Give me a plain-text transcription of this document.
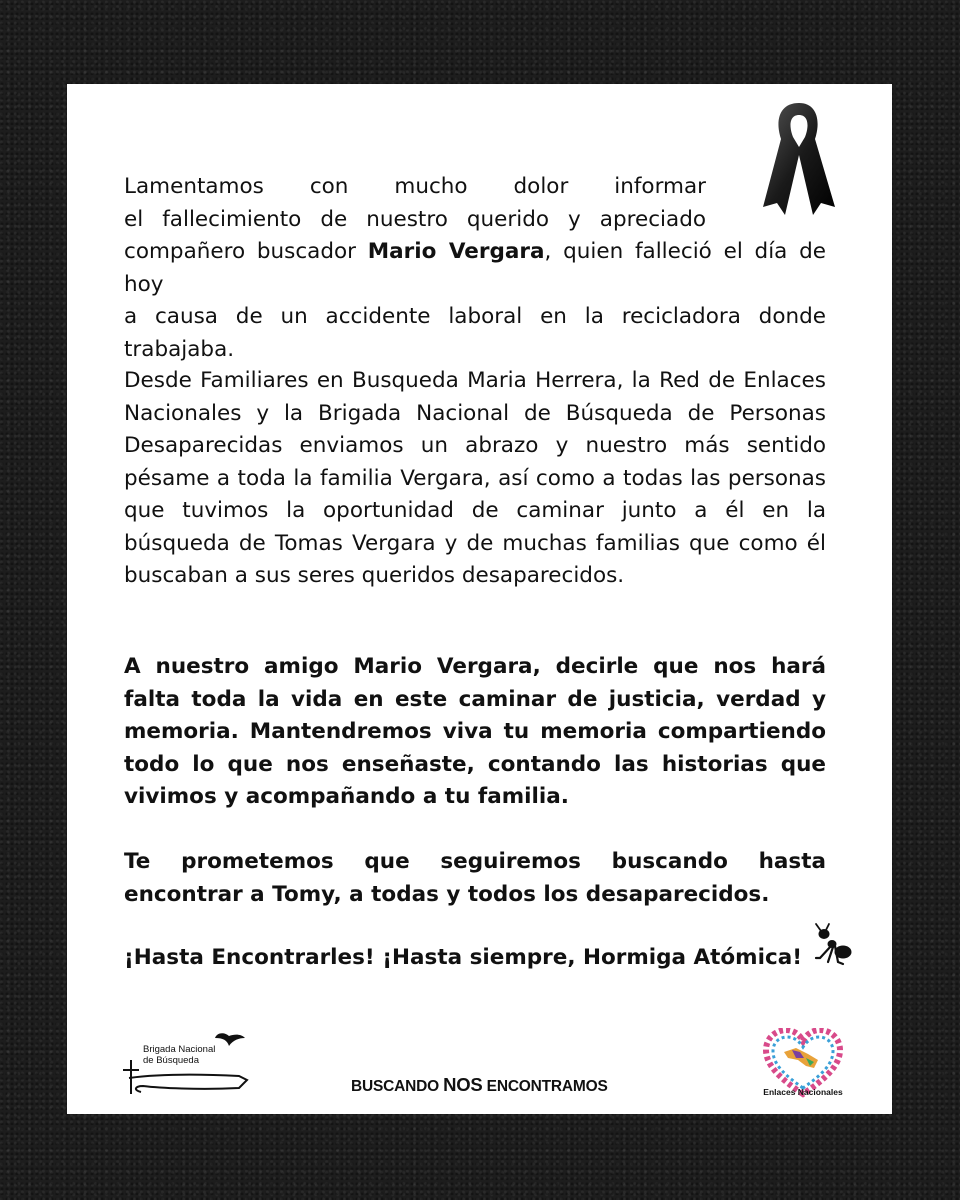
Lamentamos con mucho dolor informar
el fallecimiento de nuestro querido y apreciado
compañero buscador Mario Vergara, quien falleció el día de hoy
a causa de un accidente laboral en la recicladora donde
trabajaba.
Desde Familiares en Busqueda Maria Herrera, la Red de Enlaces Nacionales y la Brigada Nacional de Búsqueda de Personas Desaparecidas enviamos un abrazo y nuestro más sentido pésame a toda la familia Vergara, así como a todas las personas que tuvimos la oportunidad de caminar junto a él en la búsqueda de Tomas Vergara y de muchas familias que como él buscaban a sus seres queridos desaparecidos.
A nuestro amigo Mario Vergara, decirle que nos hará falta toda la vida en este caminar de justicia, verdad y memoria. Mantendremos viva tu memoria compartiendo todo lo que nos enseñaste, contando las historias que vivimos y acompañando a tu familia.
Te prometemos que seguiremos buscando hasta encontrar a Tomy, a todas y todos los desaparecidos.
¡Hasta Encontrarles! ¡Hasta siempre, Hormiga Atómica!
Brigada Nacional
de Búsqueda
BUSCANDO NOS ENCONTRAMOS	Enlaces Nacionales
